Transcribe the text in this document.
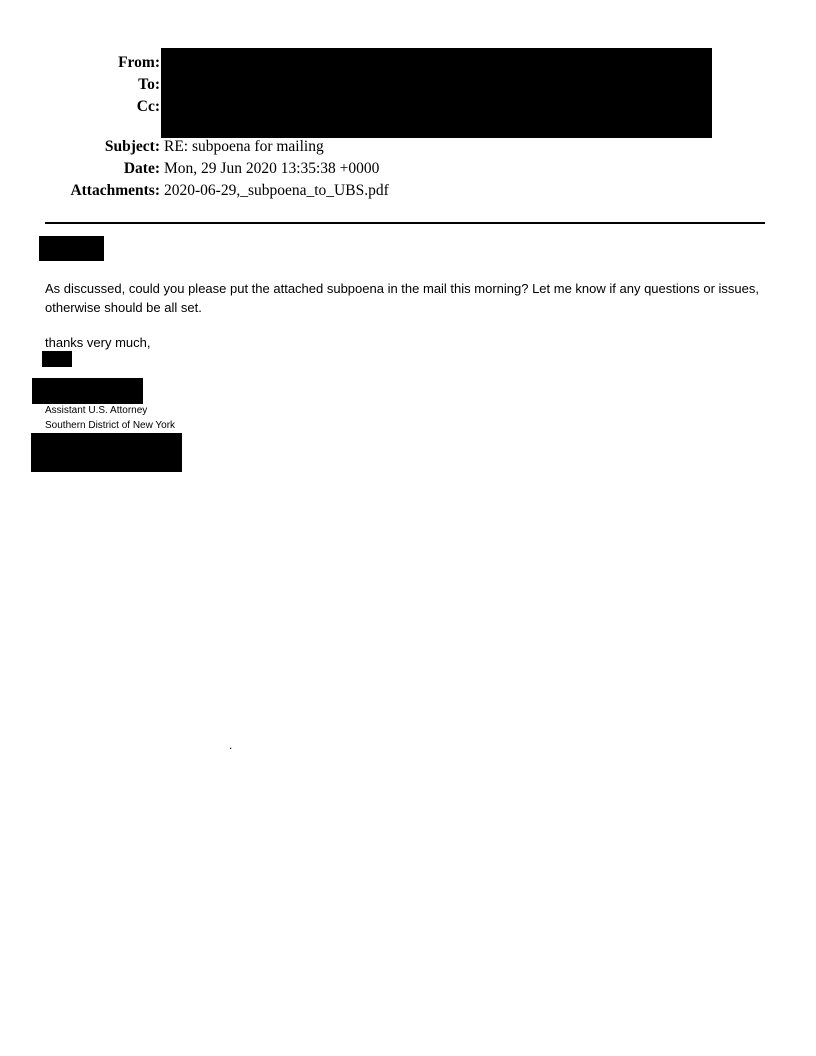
From:
To:
Cc:
Subject: RE: subpoena for mailing
Date: Mon, 29 Jun 2020 13:35:38 +0000
Attachments: 2020-06-29,_subpoena_to_UBS.pdf
As discussed, could you please put the attached subpoena in the mail this morning? Let me know if any questions or issues, otherwise should be all set.
thanks very much,
Assistant U.S. Attorney
Southern District of New York
.
